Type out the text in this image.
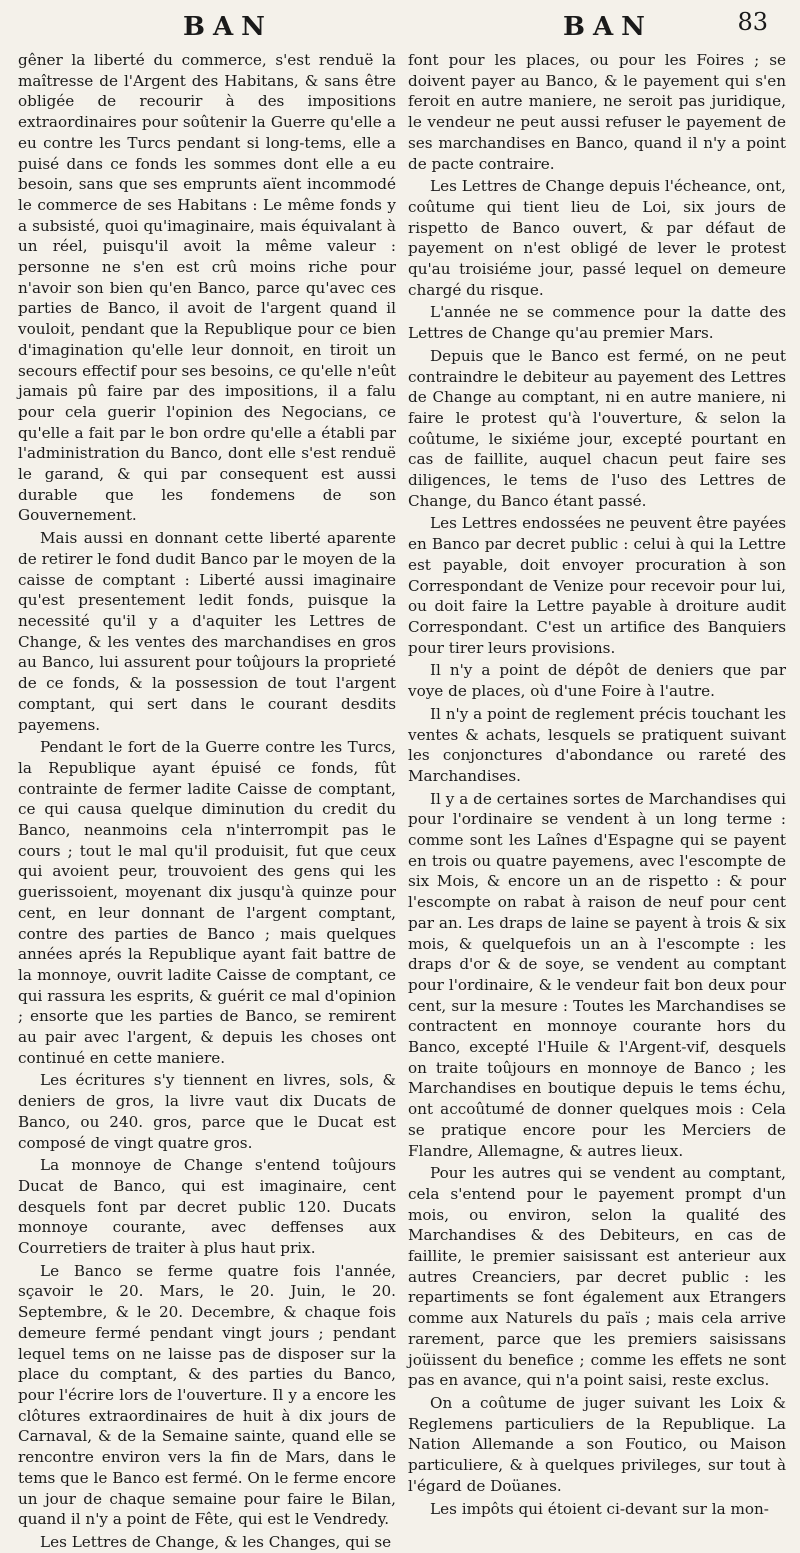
BAN	BAN	83

gêner la liberté du commerce, s'est renduë la maîtresse de l'Argent des Habitans, & sans être obligée de recourir à des impositions extraordinaires pour soûtenir la Guerre qu'elle a eu contre les Turcs pendant si long-tems, elle a puisé dans ce fonds les sommes dont elle a eu besoin, sans que ses emprunts aïent incommodé le commerce de ses Habitans : Le même fonds y a subsisté, quoi qu'imaginaire, mais équivalant à un réel, puisqu'il avoit la même valeur : personne ne s'en est crû moins riche pour n'avoir son bien qu'en Banco, parce qu'avec ces parties de Banco, il avoit de l'argent quand il vouloit, pendant que la Republique pour ce bien d'imagination qu'elle leur donnoit, en tiroit un secours effectif pour ses besoins, ce qu'elle n'eût jamais pû faire par des impositions, il a falu pour cela guerir l'opinion des Negocians, ce qu'elle a fait par le bon ordre qu'elle a établi par l'administration du Banco, dont elle s'est renduë le garand, & qui par consequent est aussi durable que les fondemens de son Gouvernement.

Mais aussi en donnant cette liberté aparente de retirer le fond dudit Banco par le moyen de la caisse de comptant : Liberté aussi imaginaire qu'est presentement ledit fonds, puisque la necessité qu'il y a d'aquiter les Lettres de Change, & les ventes des marchandises en gros au Banco, lui assurent pour toûjours la proprieté de ce fonds, & la possession de tout l'argent comptant, qui sert dans le courant desdits payemens.

Pendant le fort de la Guerre contre les Turcs, la Republique ayant épuisé ce fonds, fût contrainte de fermer ladite Caisse de comptant, ce qui causa quelque diminution du credit du Banco, neanmoins cela n'interrompit pas le cours ; tout le mal qu'il produisit, fut que ceux qui avoient peur, trouvoient des gens qui les guerissoient, moyenant dix jusqu'à quinze pour cent, en leur donnant de l'argent comptant, contre des parties de Banco ; mais quelques années aprés la Republique ayant fait battre de la monnoye, ouvrit ladite Caisse de comptant, ce qui rassura les esprits, & guérit ce mal d'opinion ; ensorte que les parties de Banco, se remirent au pair avec l'argent, & depuis les choses ont continué en cette maniere.

Les écritures s'y tiennent en livres, sols, & deniers de gros, la livre vaut dix Ducats de Banco, ou 240. gros, parce que le Ducat est composé de vingt quatre gros.

La monnoye de Change s'entend toûjours Ducat de Banco, qui est imaginaire, cent desquels font par decret public 120. Ducats monnoye courante, avec deffenses aux Courretiers de traiter à plus haut prix.

Le Banco se ferme quatre fois l'année, sçavoir le 20. Mars, le 20. Juin, le 20. Septembre, & le 20. Decembre, & chaque fois demeure fermé pendant vingt jours ; pendant lequel tems on ne laisse pas de disposer sur la place du comptant, & des parties du Banco, pour l'écrire lors de l'ouverture. Il y a encore les clôtures extraordinaires de huit à dix jours de Carnaval, & de la Semaine sainte, quand elle se rencontre environ vers la fin de Mars, dans le tems que le Banco est fermé. On le ferme encore un jour de chaque semaine pour faire le Bilan, quand il n'y a point de Fête, qui est le Vendredy.

Les Lettres de Change, & les Changes, qui se

font pour les places, ou pour les Foires ; se doivent payer au Banco, & le payement qui s'en feroit en autre maniere, ne seroit pas juridique, le vendeur ne peut aussi refuser le payement de ses marchandises en Banco, quand il n'y a point de pacte contraire.

Les Lettres de Change depuis l'écheance, ont, coûtume qui tient lieu de Loi, six jours de rispetto de Banco ouvert, & par défaut de payement on n'est obligé de lever le protest qu'au troisiéme jour, passé lequel on demeure chargé du risque.

L'année ne se commence pour la datte des Lettres de Change qu'au premier Mars.

Depuis que le Banco est fermé, on ne peut contraindre le debiteur au payement des Lettres de Change au comptant, ni en autre maniere, ni faire le protest qu'à l'ouverture, & selon la coûtume, le sixiéme jour, excepté pourtant en cas de faillite, auquel chacun peut faire ses diligences, le tems de l'uso des Lettres de Change, du Banco étant passé.

Les Lettres endossées ne peuvent être payées en Banco par decret public : celui à qui la Lettre est payable, doit envoyer procuration à son Correspondant de Venize pour recevoir pour lui, ou doit faire la Lettre payable à droiture audit Correspondant. C'est un artifice des Banquiers pour tirer leurs provisions.

Il n'y a point de dépôt de deniers que par voye de places, où d'une Foire à l'autre.

Il n'y a point de reglement précis touchant les ventes & achats, lesquels se pratiquent suivant les conjonctures d'abondance ou rareté des Marchandises.

Il y a de certaines sortes de Marchandises qui pour l'ordinaire se vendent à un long terme : comme sont les Laînes d'Espagne qui se payent en trois ou quatre payemens, avec l'escompte de six Mois, & encore un an de rispetto : & pour l'escompte on rabat à raison de neuf pour cent par an. Les draps de laine se payent à trois & six mois, & quelquefois un an à l'escompte : les draps d'or & de soye, se vendent au comptant pour l'ordinaire, & le vendeur fait bon deux pour cent, sur la mesure : Toutes les Marchandises se contractent en monnoye courante hors du Banco, excepté l'Huile & l'Argent-vif, desquels on traite toûjours en monnoye de Banco ; les Marchandises en boutique depuis le tems échu, ont accoûtumé de donner quelques mois : Cela se pratique encore pour les Merciers de Flandre, Allemagne, & autres lieux.

Pour les autres qui se vendent au comptant, cela s'entend pour le payement prompt d'un mois, ou environ, selon la qualité des Marchandises & des Debiteurs, en cas de faillite, le premier saisissant est anterieur aux autres Creanciers, par decret public : les repartiments se font également aux Etrangers comme aux Naturels du païs ; mais cela arrive rarement, parce que les premiers saisissans joüissent du benefice ; comme les effets ne sont pas en avance, qui n'a point saisi, reste exclus.

On a coûtume de juger suivant les Loix & Reglemens particuliers de la Republique. La Nation Allemande a son Foutico, ou Maison particuliere, & à quelques privileges, sur tout à l'égard de Doüanes.

Les impôts qui étoient ci-devant sur la mon-
